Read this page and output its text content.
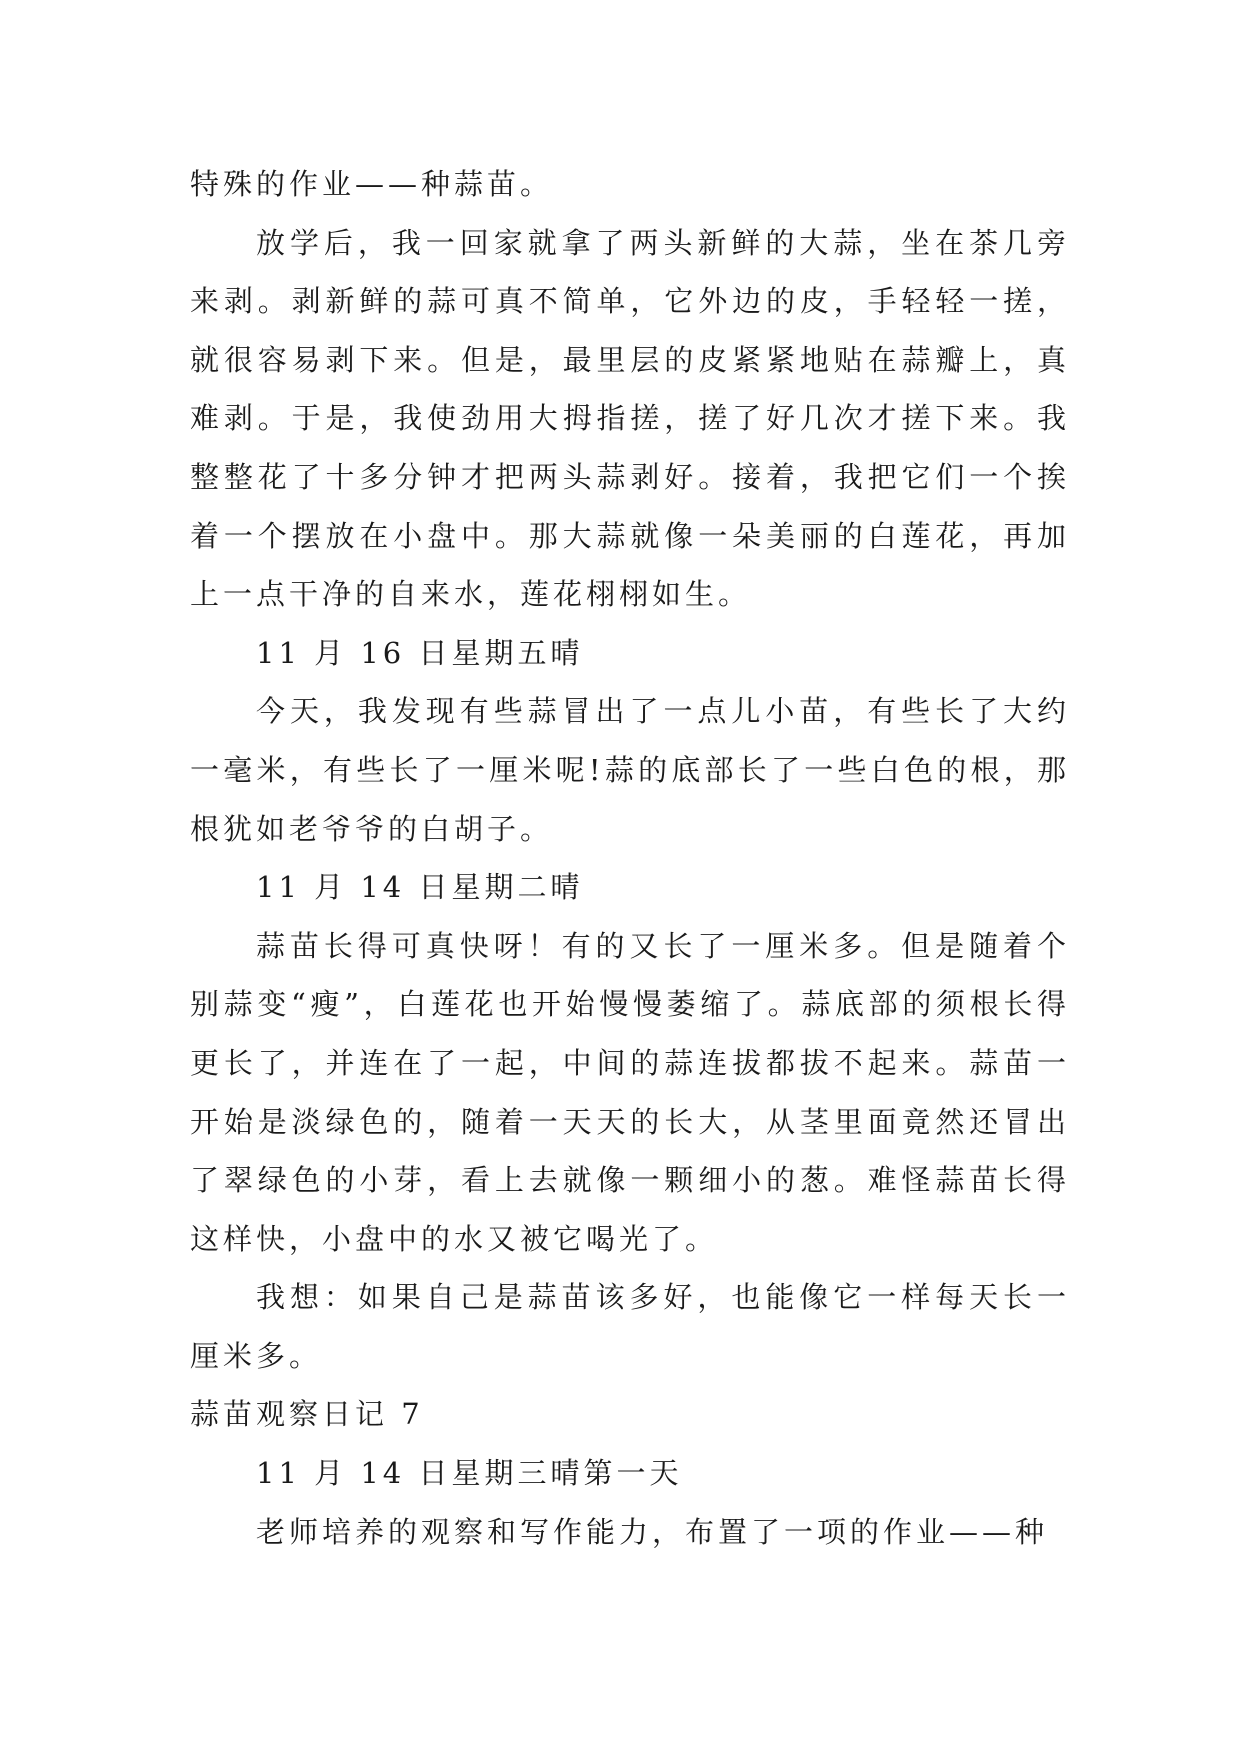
特殊的作业——种蒜苗。

放学后，我一回家就拿了两头新鲜的大蒜，坐在茶几旁来剥。剥新鲜的蒜可真不简单，它外边的皮，手轻轻一搓，就很容易剥下来。但是，最里层的皮紧紧地贴在蒜瓣上，真难剥。于是，我使劲用大拇指搓，搓了好几次才搓下来。我整整花了十多分钟才把两头蒜剥好。接着，我把它们一个挨着一个摆放在小盘中。那大蒜就像一朵美丽的白莲花，再加上一点干净的自来水，莲花栩栩如生。

11 月 16 日星期五晴

今天，我发现有些蒜冒出了一点儿小苗，有些长了大约一毫米，有些长了一厘米呢!蒜的底部长了一些白色的根，那根犹如老爷爷的白胡子。

11 月 14 日星期二晴

蒜苗长得可真快呀！有的又长了一厘米多。但是随着个别蒜变“瘦”，白莲花也开始慢慢萎缩了。蒜底部的须根长得更长了，并连在了一起，中间的蒜连拔都拔不起来。蒜苗一开始是淡绿色的，随着一天天的长大，从茎里面竟然还冒出了翠绿色的小芽，看上去就像一颗细小的葱。难怪蒜苗长得这样快，小盘中的水又被它喝光了。

我想：如果自己是蒜苗该多好，也能像它一样每天长一厘米多。

蒜苗观察日记 7

11 月 14 日星期三晴第一天

老师培养的观察和写作能力，布置了一项的作业——种
